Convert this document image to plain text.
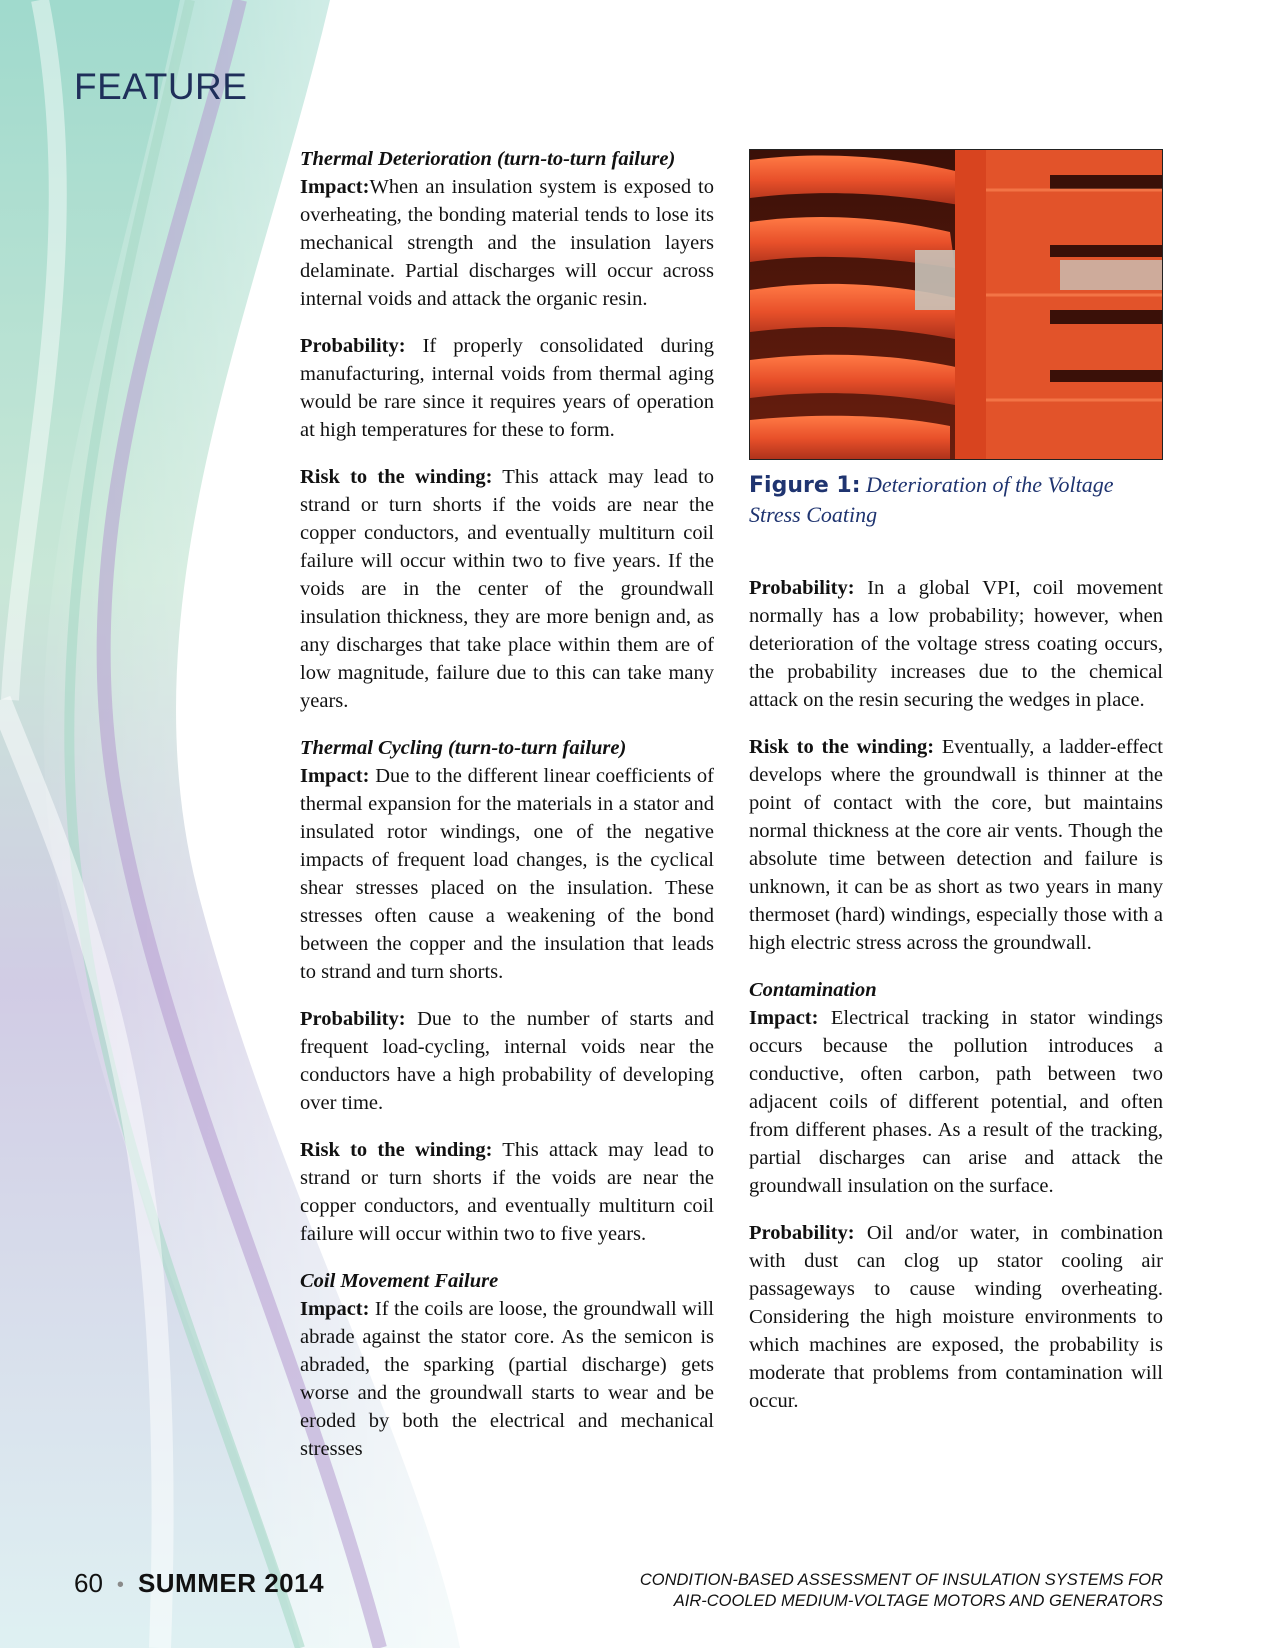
FEATURE
Thermal Deterioration (turn-to-turn failure)

Impact:When an insulation system is exposed to overheating, the bonding material tends to lose its mechanical strength and the insulation layers delaminate. Partial discharges will occur across internal voids and attack the organic resin.

Probability: If properly consolidated during manufacturing, internal voids from thermal aging would be rare since it requires years of operation at high temperatures for these to form.

Risk to the winding: This attack may lead to strand or turn shorts if the voids are near the copper conductors, and eventually multiturn coil failure will occur within two to five years. If the voids are in the center of the groundwall insulation thickness, they are more benign and, as any discharges that take place within them are of low magnitude, failure due to this can take many years.

Thermal Cycling (turn-to-turn failure)

Impact: Due to the different linear coefficients of thermal expansion for the materials in a stator and insulated rotor windings, one of the negative impacts of frequent load changes, is the cyclical shear stresses placed on the insulation. These stresses often cause a weakening of the bond between the copper and the insulation that leads to strand and turn shorts.

Probability: Due to the number of starts and frequent load-cycling, internal voids near the conductors have a high probability of developing over time.

Risk to the winding: This attack may lead to strand or turn shorts if the voids are near the copper conductors, and eventually multiturn coil failure will occur within two to five years.

Coil Movement Failure

Impact: If the coils are loose, the groundwall will abrade against the stator core. As the semicon is abraded, the sparking (partial discharge) gets worse and the groundwall starts to wear and be eroded by both the electrical and mechanical stresses

Figure 1: Deterioration of the Voltage Stress Coating

Probability: In a global VPI, coil movement normally has a low probability; however, when deterioration of the voltage stress coating occurs, the probability increases due to the chemical attack on the resin securing the wedges in place.

Risk to the winding: Eventually, a ladder-effect develops where the groundwall is thinner at the point of contact with the core, but maintains normal thickness at the core air vents. Though the absolute time between detection and failure is unknown, it can be as short as two years in many thermoset (hard) windings, especially those with a high electric stress across the groundwall.

Contamination

Impact: Electrical tracking in stator windings occurs because the pollution introduces a conductive, often carbon, path between two adjacent coils of different potential, and often from different phases. As a result of the tracking, partial discharges can arise and attack the groundwall insulation on the surface.

Probability: Oil and/or water, in combination with dust can clog up stator cooling air passageways to cause winding overheating. Considering the high moisture environments to which machines are exposed, the probability is moderate that problems from contamination will occur.

60 • SUMMER 2014	CONDITION-BASED ASSESSMENT OF INSULATION SYSTEMS FOR
AIR-COOLED MEDIUM-VOLTAGE MOTORS AND GENERATORS
